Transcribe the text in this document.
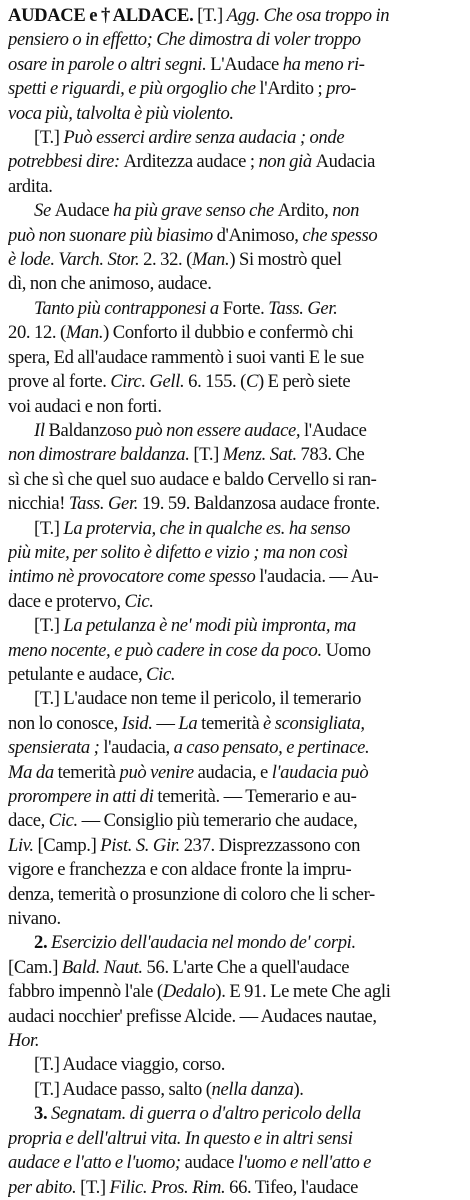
AUDACE e † ALDACE. [T.] Agg. Che osa troppo in
pensiero o in effetto; Che dimostra di voler troppo
osare in parole o altri segni. L'Audace ha meno ri-
spetti e riguardi, e più orgoglio che l'Ardito ; pro-
voca più, talvolta è più violento.
[T.] Può esserci ardire senza audacia ; onde
potrebbesi dire: Arditezza audace ; non già Audacia
ardita.
Se Audace ha più grave senso che Ardito, non
può non suonare più biasimo d'Animoso, che spesso
è lode. Varch. Stor. 2. 32. (Man.) Si mostrò quel
dì, non che animoso, audace.
Tanto più contrapponesi a Forte. Tass. Ger.
20. 12. (Man.) Conforto il dubbio e confermò chi
spera, Ed all'audace rammentò i suoi vanti E le sue
prove al forte. Circ. Gell. 6. 155. (C) E però siete
voi audaci e non forti.
Il Baldanzoso può non essere audace, l'Audace
non dimostrare baldanza. [T.] Menz. Sat. 783. Che
sì che sì che quel suo audace e baldo Cervello si ran-
nicchia! Tass. Ger. 19. 59. Baldanzosa audace fronte.
[T.] La protervia, che in qualche es. ha senso
più mite, per solito è difetto e vizio ; ma non così
intimo nè provocatore come spesso l'audacia. — Au-
dace e protervo, Cic.
[T.] La petulanza è ne' modi più impronta, ma
meno nocente, e può cadere in cose da poco. Uomo
petulante e audace, Cic.
[T.] L'audace non teme il pericolo, il temerario
non lo conosce, Isid. — La temerità è sconsigliata,
spensierata ; l'audacia, a caso pensato, e pertinace.
Ma da temerità può venire audacia, e l'audacia può
prorompere in atti di temerità. — Temerario e au-
dace, Cic. — Consiglio più temerario che audace,
Liv. [Camp.] Pist. S. Gir. 237. Disprezzassono con
vigore e franchezza e con aldace fronte la impru-
denza, temerità o prosunzione di coloro che li scher-
nivano.
2. Esercizio dell'audacia nel mondo de' corpi.
[Cam.] Bald. Naut. 56. L'arte Che a quell'audace
fabbro impennò l'ale (Dedalo). E 91. Le mete Che agli
audaci nocchier' prefisse Alcide. — Audaces nautae,
Hor.
[T.] Audace viaggio, corso.
[T.] Audace passo, salto (nella danza).
3. Segnatam. di guerra o d'altro pericolo della
propria e dell'altrui vita. In questo e in altri sensi
audace e l'atto e l'uomo; audace l'uomo e nell'atto e
per abito. [T.] Filic. Pros. Rim. 66. Tifeo, l'audace
